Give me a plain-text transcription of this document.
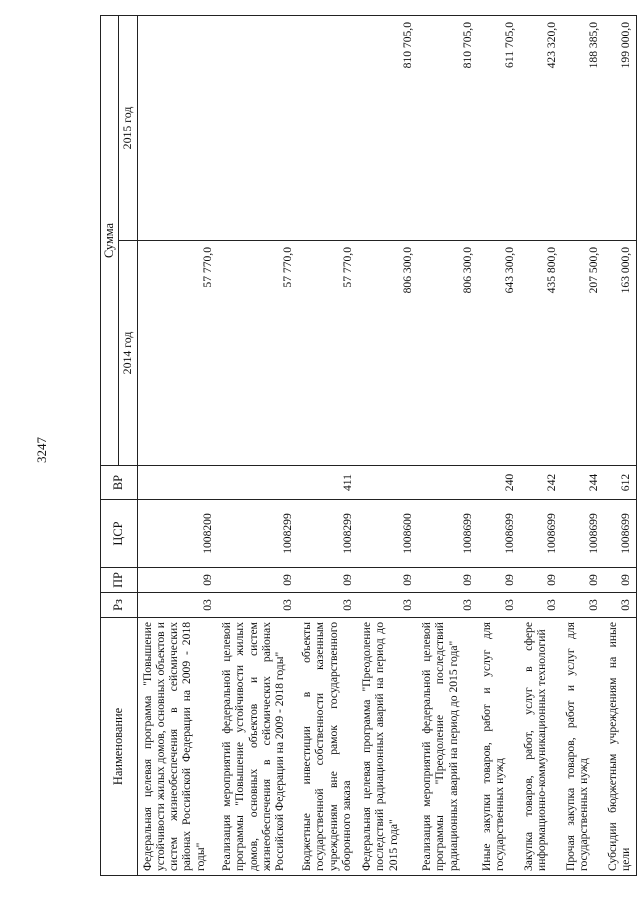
3247
Наименование	Рз	ПР	ЦСР	ВР	Сумма	
					2014 год	2015 год
Федеральная целевая программа "Повышение устойчивости жилых домов, основных объектов и систем жизнеобеспечения в сейсмических районах Российской Федерации на 2009 - 2018 годы"	03	09	1008200		57 770,0	
Реализация мероприятий федеральной целевой программы "Повышение устойчивости жилых домов, основных объектов и систем жизнеобеспечения в сейсмических районах Российской Федерации на 2009 - 2018 годы"	03	09	1008299		57 770,0	
Бюджетные инвестиции в объекты государственной собственности казенным учреждениям вне рамок государственного оборонного заказа	03	09	1008299	411	57 770,0	
Федеральная целевая программа "Преодоление последствий радиационных аварий на период до 2015 года"	03	09	1008600		806 300,0	810 705,0
Реализация мероприятий федеральной целевой программы "Преодоление последствий радиационных аварий на период до 2015 года"	03	09	1008699		806 300,0	810 705,0
Иные закупки товаров, работ и услуг для государственных нужд	03	09	1008699	240	643 300,0	611 705,0
Закупка товаров, работ, услуг в сфере информационно-коммуникационных технологий	03	09	1008699	242	435 800,0	423 320,0
Прочая закупка товаров, работ и услуг для государственных нужд	03	09	1008699	244	207 500,0	188 385,0
Субсидии бюджетным учреждениям на иные цели	03	09	1008699	612	163 000,0	199 000,0
